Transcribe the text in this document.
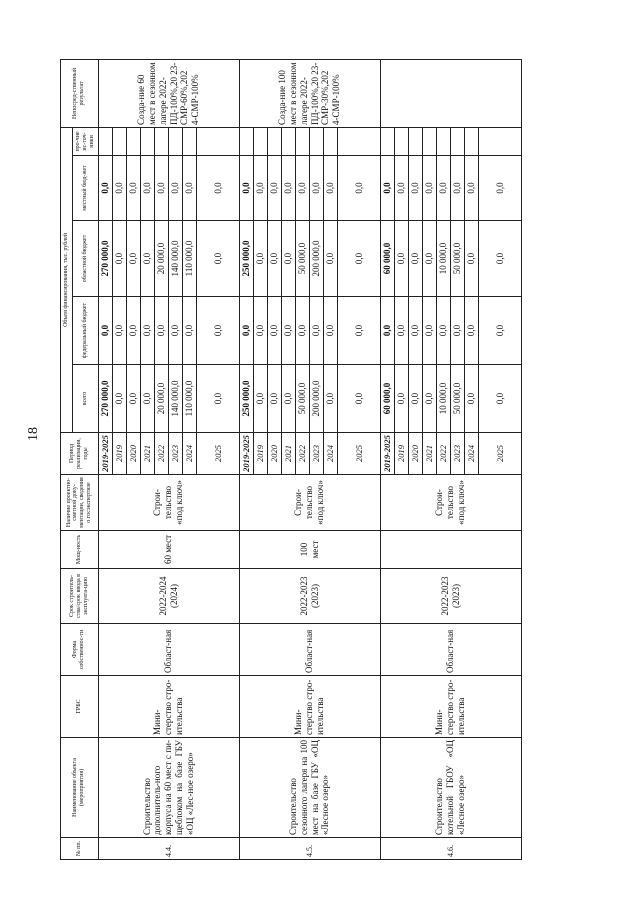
18
№ пп.	Наименование объекта (мероприятия)	ГРБС	Форма собственнос-ти	Срок строитель-ства/срок ввода в эксплуата-цию	Мощ-ность	Наличие проектно-сметной доку-ментации, сведения о госэкспертизе	Период реализации, годы	Объем финансирования, тыс. рублей					Непосред-ственный результат
								всего	федеральный бюджет	областной бюджет	местный бюд-жет	про-чие ис-точ-ники	
4.4.	Строительство дополнитель-ного корпуса на 60 мест с пи-щеблоком на базе ГБУ «ОЦ «Лес-ное озеро»	Мини-стерство стро-ительства	Област-ная	2022-2024 (2024)	60 мест	Строи-тельство «под ключ»	2019-2025	270 000,0	0,0	270 000,0	0,0		Созда-ние 60 мест в сезонном лагере 2022-ПД-100%,20 23-СМР-60%,202 4-СМР-100%
							2019	0,0	0,0	0,0	0,0		
							2020	0,0	0,0	0,0	0,0		
							2021	0,0	0,0	0,0	0,0		
							2022	20 000,0	0,0	20 000,0	0,0		
							2023	140 000,0	0,0	140 000,0	0,0		
							2024	110 000,0	0,0	110 000,0	0,0		
							2025	0,0	0,0	0,0	0,0		
4.5.	Строительство сезонного лагеря на 100 мест на базе ГБУ «ОЦ «Лесное озеро»	Мини-стерство стро-ительства	Област-ная	2022-2023 (2023)	100 мест	Строи-тельство «под ключ»	2019-2025	250 000,0	0,0	250 000,0	0,0		Созда-ние 100 мест в сезонном лагере 2022-ПД-100%,20 23-СМР-30%,202 4-СМР-100%
							2019	0,0	0,0	0,0	0,0		
							2020	0,0	0,0	0,0	0,0		
							2021	0,0	0,0	0,0	0,0		
							2022	50 000,0	0,0	50 000,0	0,0		
							2023	200 000,0	0,0	200 000,0	0,0		
							2024	0,0	0,0	0,0	0,0		
							2025	0,0	0,0	0,0	0,0		
4.6.	Строительство котельной ГБОУ «ОЦ «Лесное озеро»	Мини-стерство стро-ительства	Област-ная	2022-2023 (2023)		Строи-тельство «под ключ»	2019-2025	60 000,0	0,0	60 000,0	0,0		
							2019	0,0	0,0	0,0	0,0		
							2020	0,0	0,0	0,0	0,0		
							2021	0,0	0,0	0,0	0,0		
							2022	10 000,0	0,0	10 000,0	0,0		
							2023	50 000,0	0,0	50 000,0	0,0		
							2024	0,0	0,0	0,0	0,0		
							2025	0,0	0,0	0,0	0,0		
